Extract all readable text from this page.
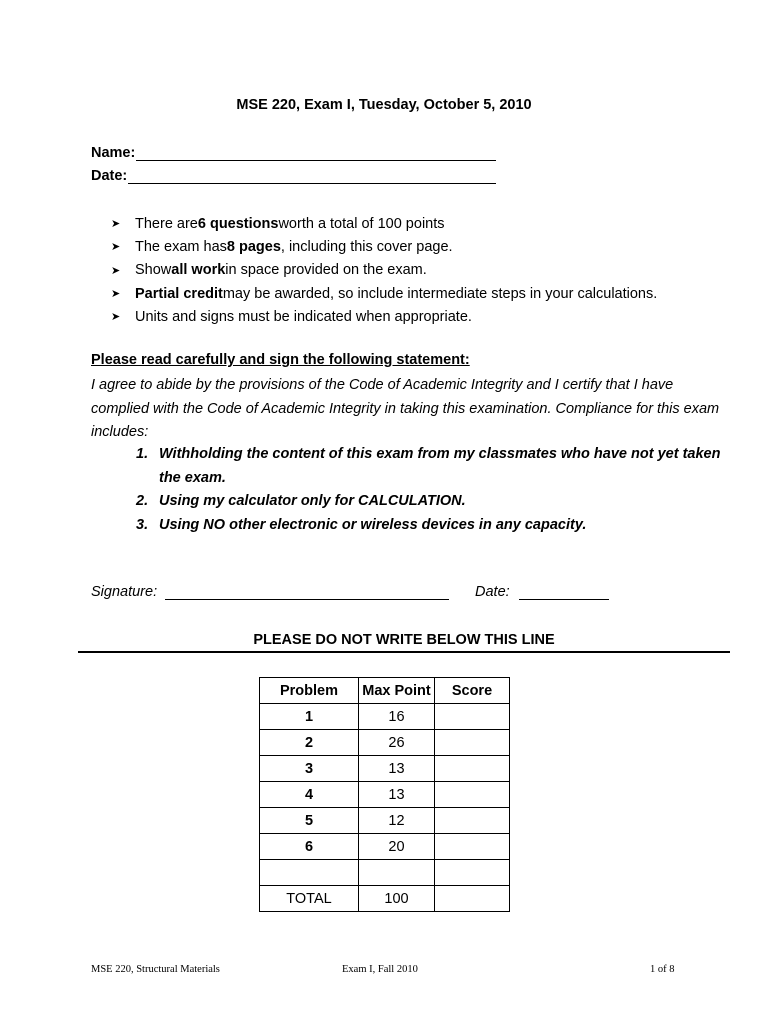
MSE 220, Exam I, Tuesday, October 5, 2010
Name:
Date:
➤	There are 6 questions worth a total of 100 points
➤	The exam has 8 pages , including this cover page.
➤	Show all work in space provided on the exam.
➤	Partial credit may be awarded, so include intermediate steps in your calculations.
➤	Units and signs must be indicated when appropriate.
Please read carefully and sign the following statement:
I agree to abide by the provisions of the Code of Academic Integrity and I certify that I have complied with the Code of Academic Integrity in taking this examination. Compliance for this exam includes:
1. Withholding the content of this exam from my classmates who have not yet taken the exam.
2. Using my calculator only for CALCULATION.
3. Using NO other electronic or wireless devices in any capacity.
Signature:	Date:
PLEASE DO NOT WRITE BELOW THIS LINE
Problem	Max Point	Score
1	16	
2	26	
3	13	
4	13	
5	12	
6	20	

TOTAL	100	
MSE 220, Structural Materials	Exam I, Fall 2010	1 of 8
